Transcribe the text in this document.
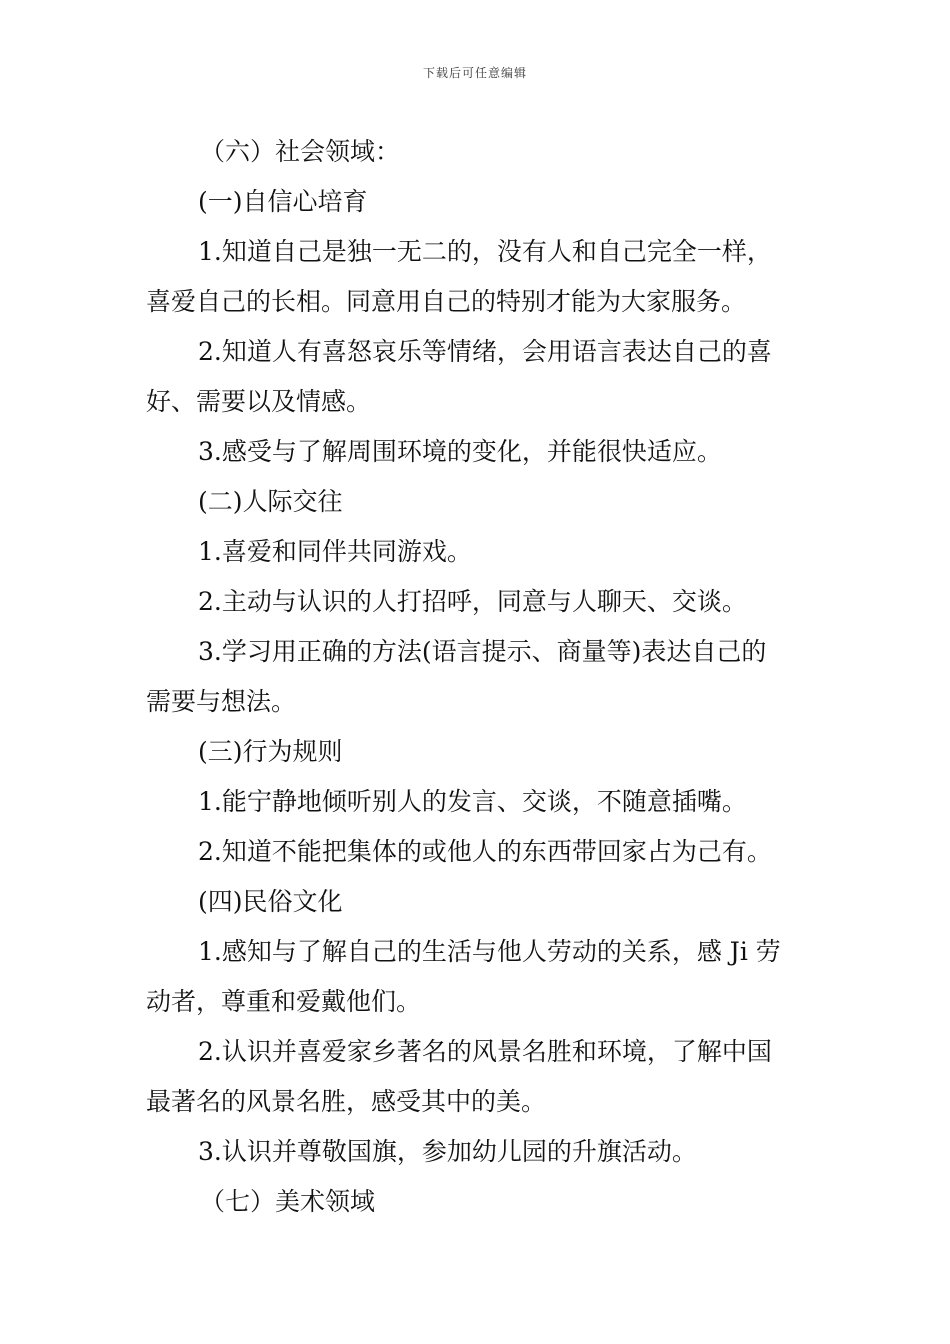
下载后可任意编辑
（六）社会领域：
(一)自信心培育
1.知道自己是独一无二的，没有人和自己完全一样，
喜爱自己的长相。同意用自己的特别才能为大家服务。
2.知道人有喜怒哀乐等情绪，会用语言表达自己的喜
好、需要以及情感。
3.感受与了解周围环境的变化，并能很快适应。
(二)人际交往
1.喜爱和同伴共同游戏。
2.主动与认识的人打招呼，同意与人聊天、交谈。
3.学习用正确的方法(语言提示、商量等)表达自己的
需要与想法。
(三)行为规则
1.能宁静地倾听别人的发言、交谈，不随意插嘴。
2.知道不能把集体的或他人的东西带回家占为己有。
(四)民俗文化
1.感知与了解自己的生活与他人劳动的关系，感 Ji 劳
动者，尊重和爱戴他们。
2.认识并喜爱家乡著名的风景名胜和环境，了解中国
最著名的风景名胜，感受其中的美。
3.认识并尊敬国旗，参加幼儿园的升旗活动。
（七）美术领域
